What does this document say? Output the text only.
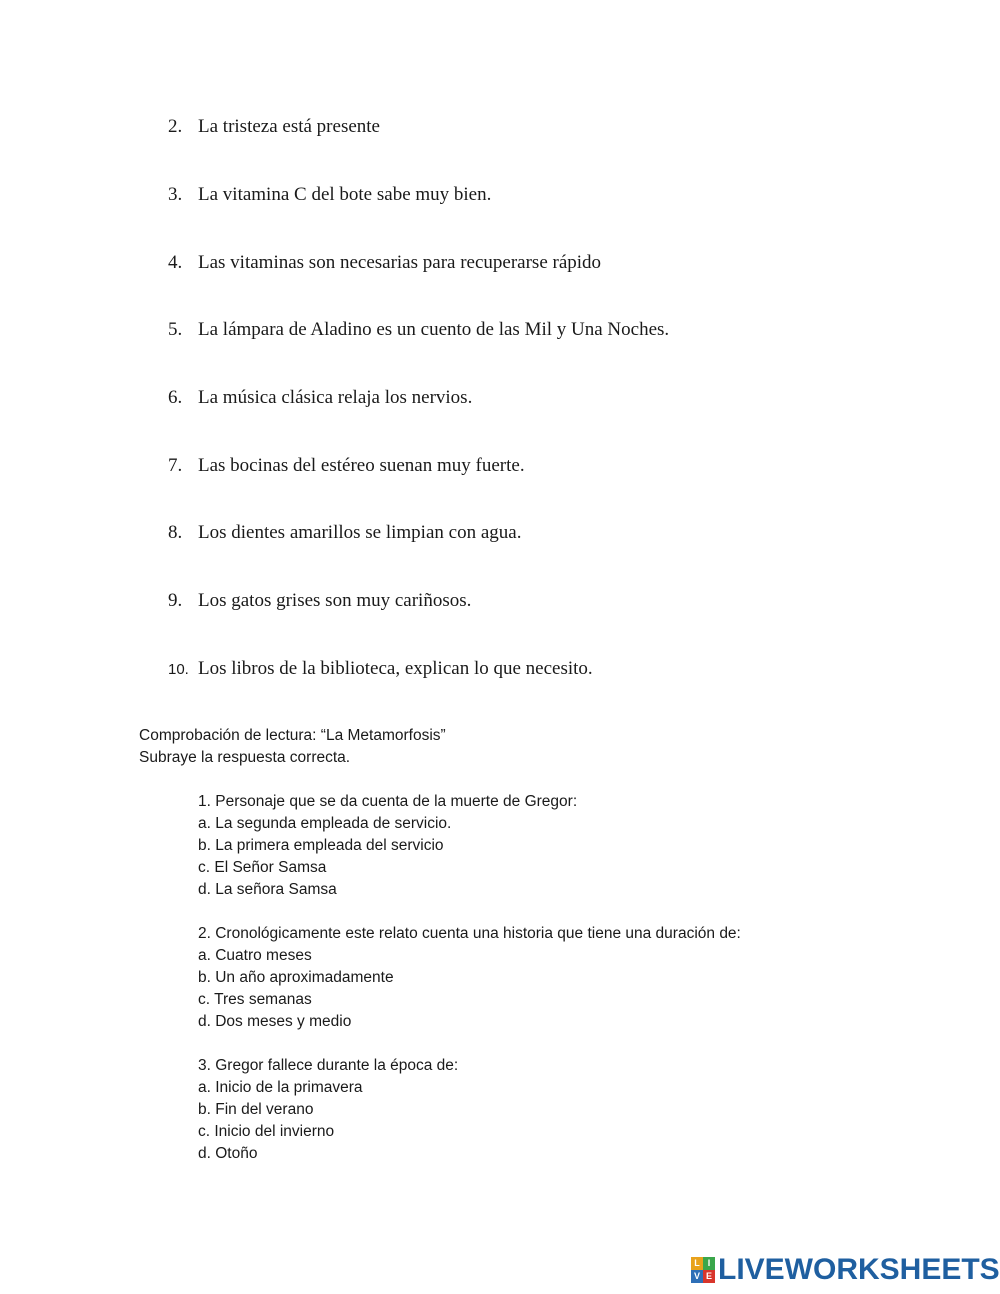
2. La tristeza está presente
3. La vitamina C del bote sabe muy bien.
4. Las vitaminas son necesarias para recuperarse rápido
5. La lámpara de Aladino es un cuento de las Mil y Una Noches.
6. La música clásica relaja los nervios.
7. Las bocinas del estéreo suenan muy fuerte.
8. Los dientes amarillos se limpian con agua.
9. Los gatos grises son muy cariñosos.
10. Los libros de la biblioteca, explican lo que necesito.
Comprobación de lectura: “La Metamorfosis”
Subraye la respuesta correcta.
1. Personaje que se da cuenta de la muerte de Gregor:
a. La segunda empleada de servicio.
b. La primera empleada del servicio
c. El Señor Samsa
d. La señora Samsa
2. Cronológicamente este relato cuenta una historia que tiene una duración de:
a. Cuatro meses
b. Un año aproximadamente
c. Tres semanas
d. Dos meses y medio
3. Gregor fallece durante la época de:
a. Inicio de la primavera
b. Fin del verano
c. Inicio del invierno
d. Otoño
L I
V E LIVEWORKSHEETS
